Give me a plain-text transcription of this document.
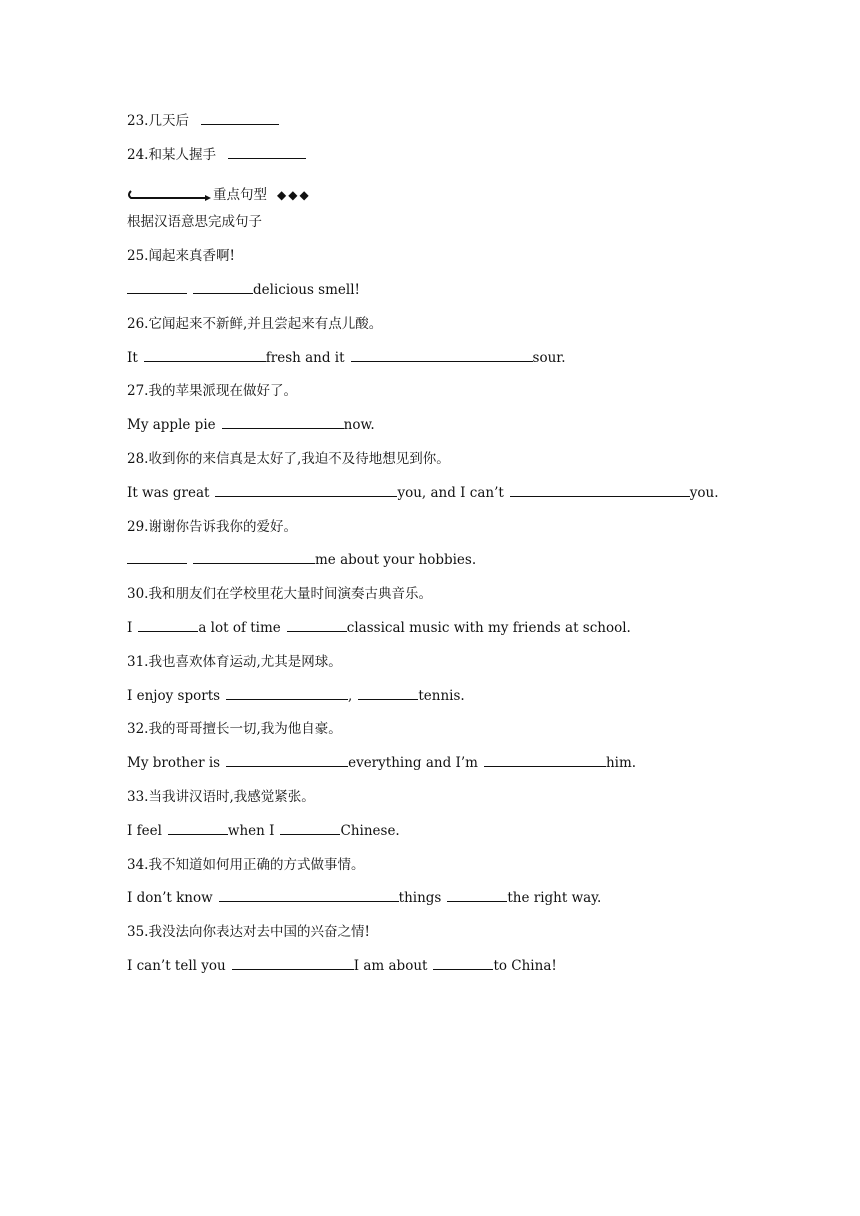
23.几天后
24.和某人握手
重点句型 ◆◆◆
根据汉语意思完成句子
25.闻起来真香啊!
delicious smell!
26.它闻起来不新鲜,并且尝起来有点儿酸。
It	fresh and it	sour.
27.我的苹果派现在做好了。
My apple pie	now.
28.收到你的来信真是太好了,我迫不及待地想见到你。
It was great	you, and I can’t	you.
29.谢谢你告诉我你的爱好。
me about your hobbies.
30.我和朋友们在学校里花大量时间演奏古典音乐。
I	a lot of time	classical music with my friends at school.
31.我也喜欢体育运动,尤其是网球。
I enjoy sports	,	tennis.
32.我的哥哥擅长一切,我为他自豪。
My brother is	everything and I’m	him.
33.当我讲汉语时,我感觉紧张。
I feel	when I	Chinese.
34.我不知道如何用正确的方式做事情。
I don’t know	things	the right way.
35.我没法向你表达对去中国的兴奋之情!
I can’t tell you	I am about	to China!
